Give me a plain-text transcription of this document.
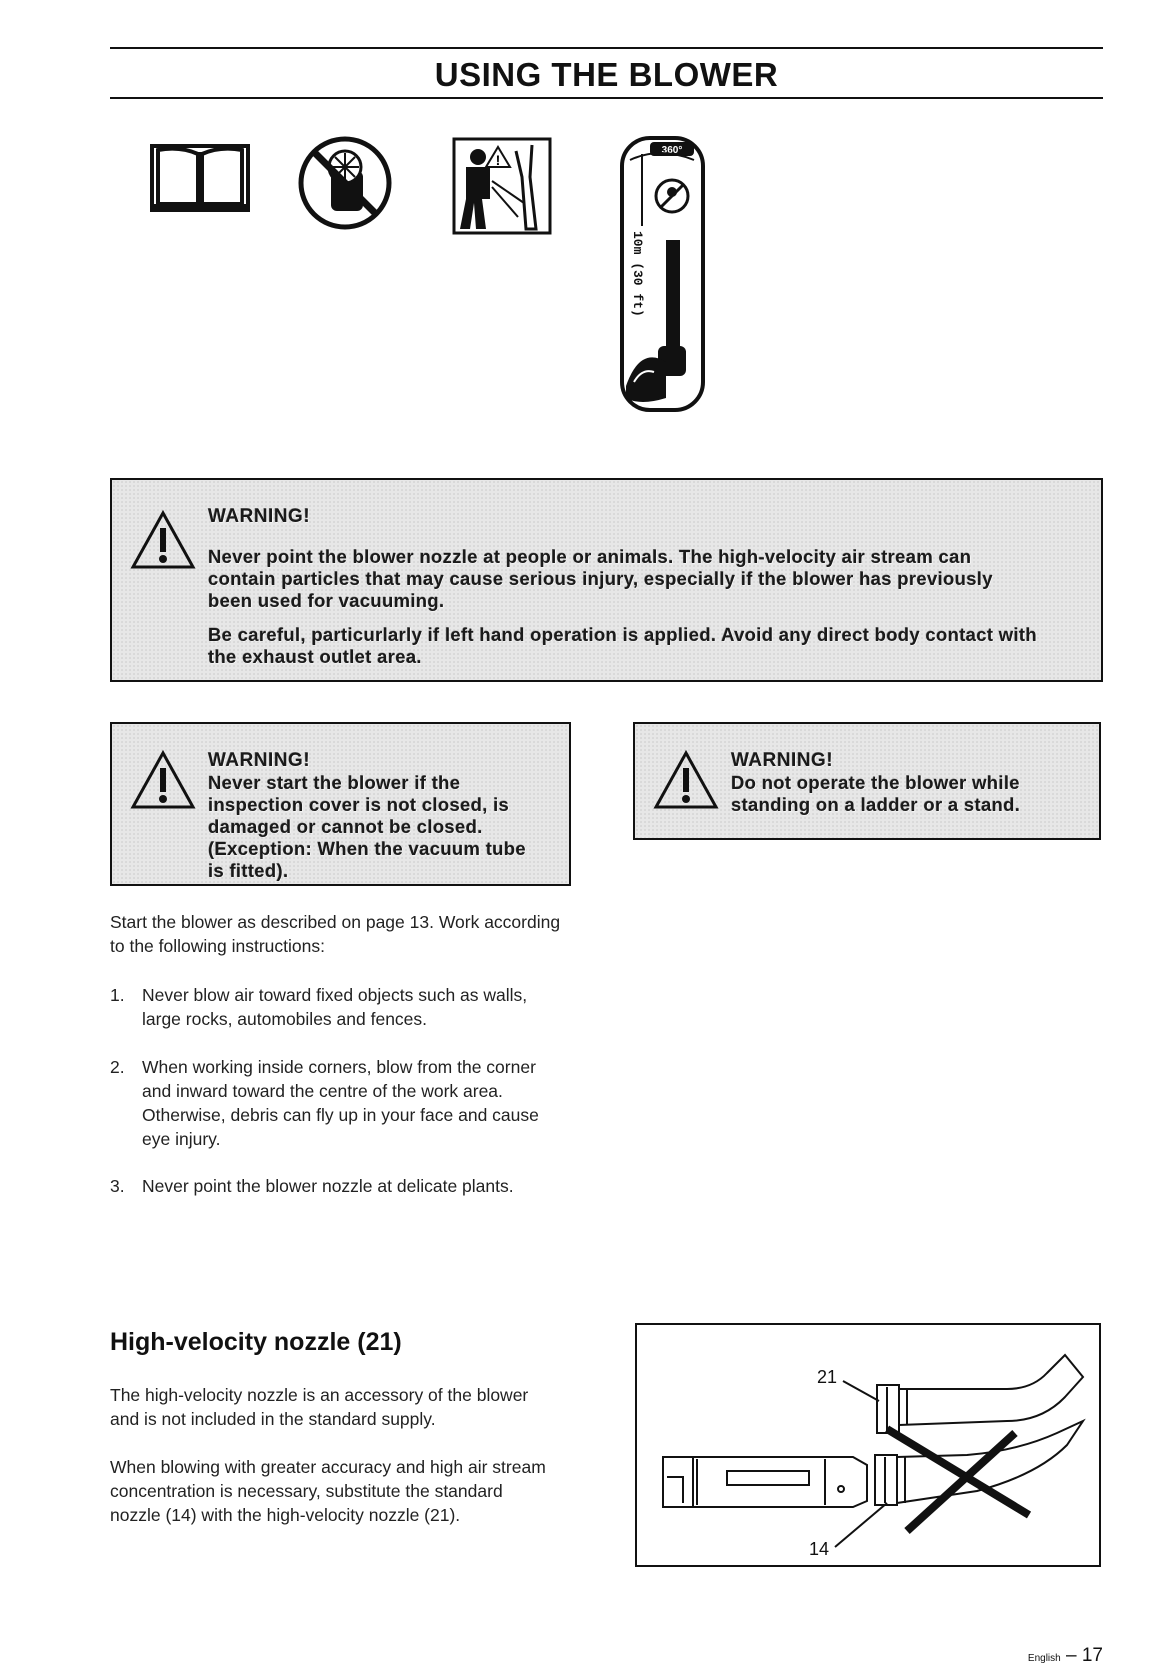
USING THE BLOWER
!
360°
10m (30 ft)
WARNING!

Never point the blower nozzle at people or animals. The high-velocity air stream can contain particles that may cause serious injury, especially if the blower has previously been used for vacuuming.

Be careful, particurlarly if left hand operation is applied. Avoid any direct body contact with the exhaust outlet area.

WARNING!

Never start the blower if the inspection cover is not closed, is damaged or cannot be closed. (Exception: When the vacuum tube is fitted).

WARNING!

Do not operate the blower while standing on a ladder or a stand.

Start the blower as described on page 13. Work according to the following instructions:
1. Never blow air toward fixed objects such as walls, large rocks, automobiles and fences.
2. When working inside corners, blow from the corner and inward toward the centre of the work area. Otherwise, debris can fly up in your face and cause eye injury.
3. Never point the blower nozzle at delicate plants.
High-velocity nozzle (21)
The high-velocity nozzle is an accessory of the blower and is not included in the standard supply.
When blowing with greater accuracy and high air stream concentration is necessary, substitute the standard nozzle (14) with the high-velocity nozzle (21).
21
14
English – 17
